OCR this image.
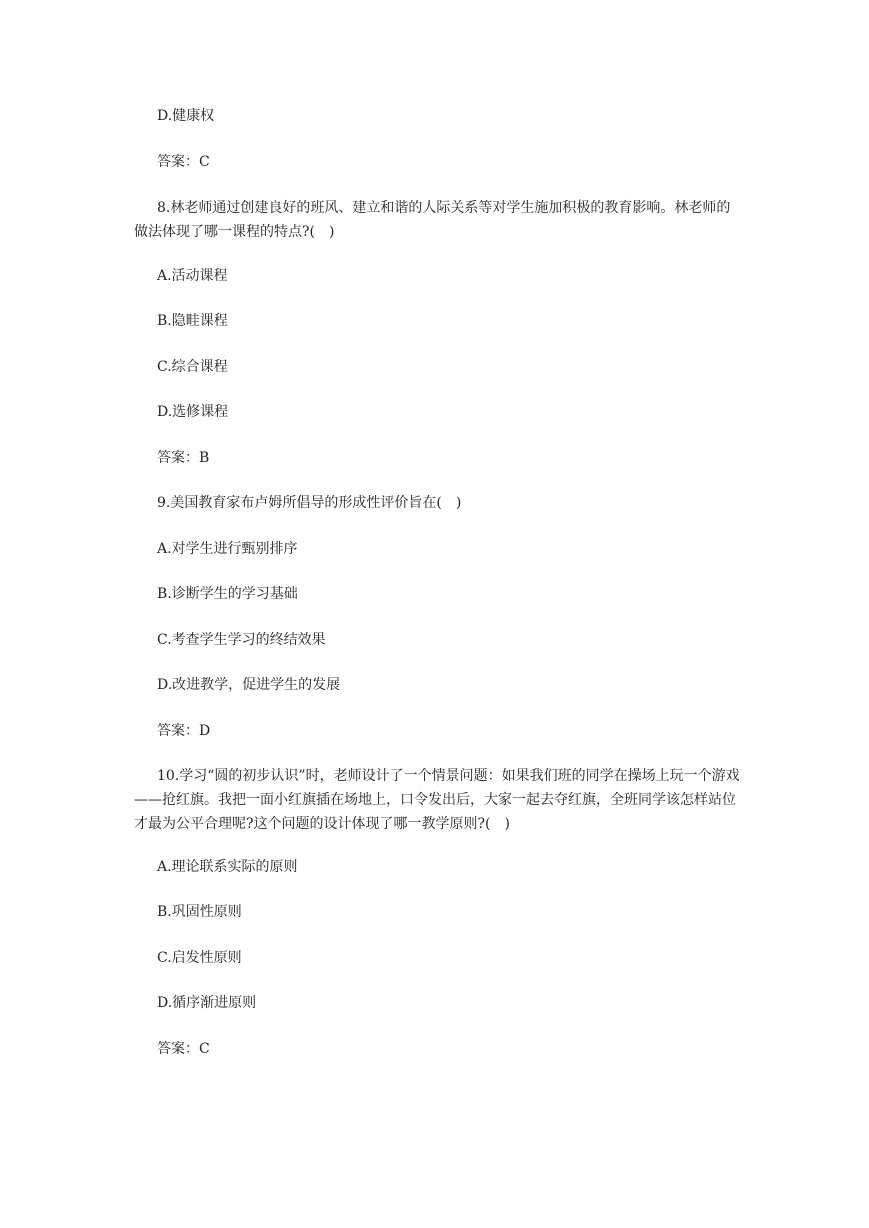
D.健康权
答案：C
8.林老师通过创建良好的班风、建立和谐的人际关系等对学生施加积极的教育影响。林老师的做法体现了哪一课程的特点?(　)
A.活动课程
B.隐畦课程
C.综合课程
D.选修课程
答案：B
9.美国教育家布卢姆所倡导的形成性评价旨在(　)
A.对学生进行甄别排序
B.诊断学生的学习基础
C.考查学生学习的终结效果
D.改进教学，促进学生的发展
答案：D
10.学习“圆的初步认识”时，老师设计了一个情景问题：如果我们班的同学在操场上玩一个游戏——抢红旗。我把一面小红旗插在场地上，口令发出后，大家一起去夺红旗，全班同学该怎样站位才最为公平合理呢?这个问题的设计体现了哪一教学原则?(　)
A.理论联系实际的原则
B.巩固性原则
C.启发性原则
D.循序渐进原则
答案：C
